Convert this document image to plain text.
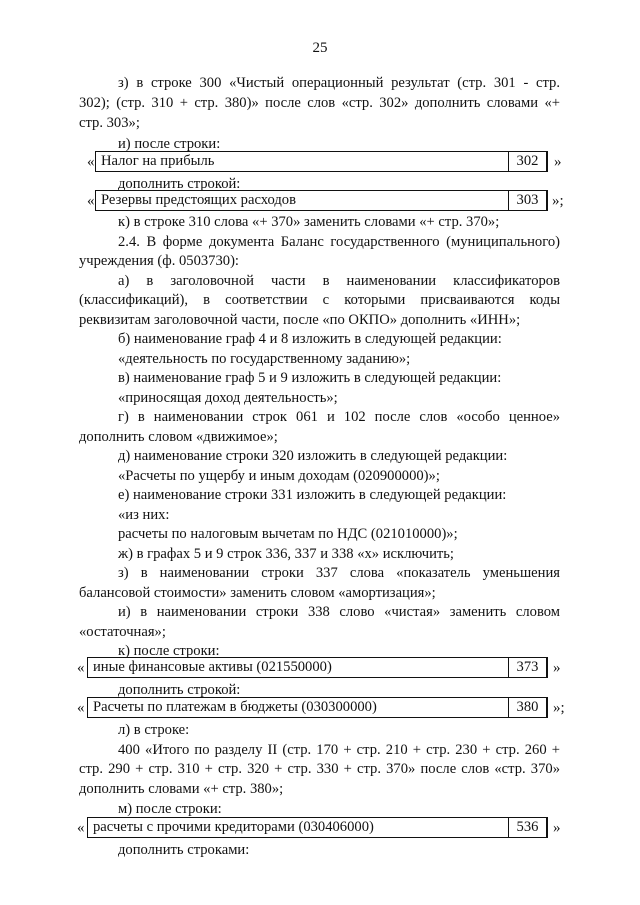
25
з) в строке 300 «Чистый операционный результат (стр. 301 - стр.
302); (стр. 310 + стр. 380)» после слов «стр. 302» дополнить словами «+
стр. 303»;
и) после строки:
« Налог на прибыль	302	»
дополнить строкой:
« Резервы предстоящих расходов	303 »;
к) в строке 310 слова «+ 370» заменить словами «+ стр. 370»;
2.4. В форме документа Баланс государственного (муниципального)
учреждения (ф. 0503730):
а) в заголовочной части в наименовании классификаторов
(классификаций), в соответствии с которыми присваиваются коды
реквизитам заголовочной части, после «по ОКПО» дополнить «ИНН»;
б) наименование граф 4 и 8 изложить в следующей редакции:
«деятельность по государственному заданию»;
в) наименование граф 5 и 9 изложить в следующей редакции:
«приносящая доход деятельность»;
г) в наименовании строк 061 и 102 после слов «особо ценное»
дополнить словом «движимое»;
д) наименование строки 320 изложить в следующей редакции:
«Расчеты по ущербу и иным доходам (020900000)»;
е) наименование строки 331 изложить в следующей редакции:
«из них:
расчеты по налоговым вычетам по НДС (021010000)»;
ж) в графах 5 и 9 строк 336, 337 и 338 «х» исключить;
з) в наименовании строки 337 слова «показатель уменьшения
балансовой стоимости» заменить словом «амортизация»;
и) в наименовании строки 338 слово «чистая» заменить словом
«остаточная»;
к) после строки:
« иные финансовые активы (021550000)	373 »
дополнить строкой:
« Расчеты по платежам в бюджеты (030300000)	380 »;
л) в строке:
400 «Итого по разделу II (стр. 170 + стр. 210 + стр. 230 + стр. 260 +
стр. 290 + стр. 310 + стр. 320 + стр. 330 + стр. 370» после слов «стр. 370»
дополнить словами «+ стр. 380»;
м) после строки:
« расчеты с прочими кредиторами (030406000)	536 »
дополнить строками:
